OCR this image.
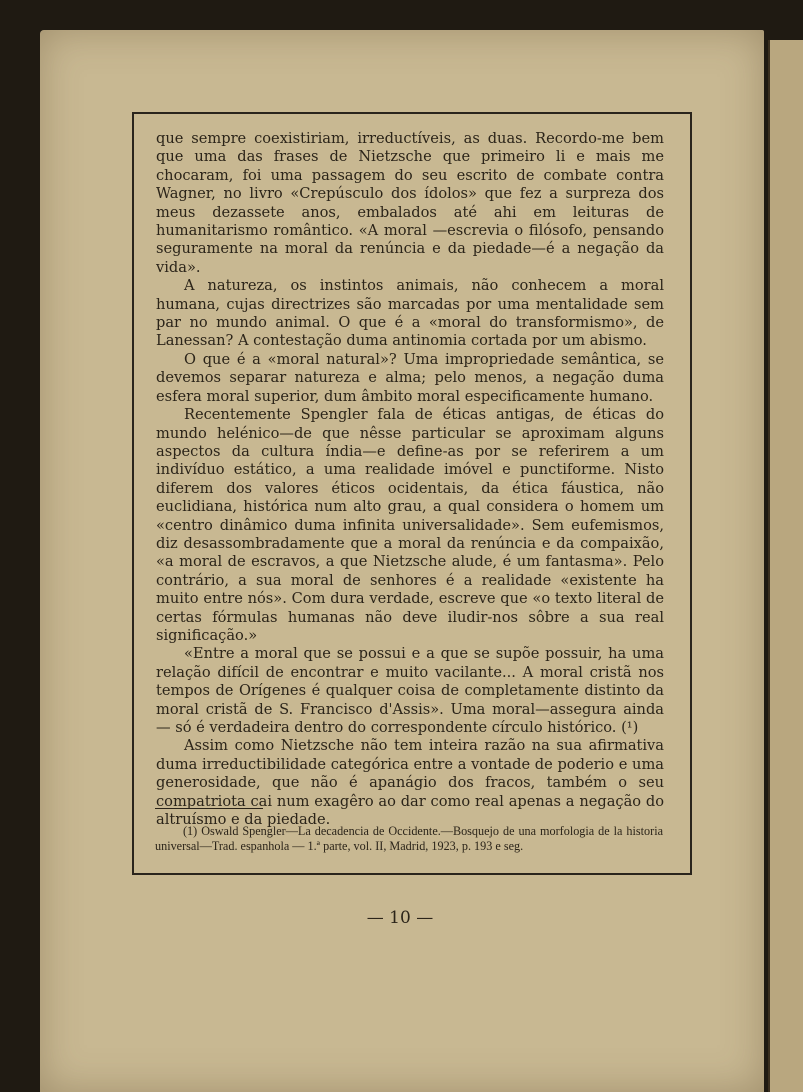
que sempre coexistiriam, irreductíveis, as duas. Recordo-me bem que uma das frases de Nietzsche que primeiro li e mais me chocaram, foi uma passagem do seu escrito de combate contra Wagner, no livro «Crepúsculo dos ídolos» que fez a surpreza dos meus dezassete anos, embalados até ahi em leituras de humanitarismo romântico. «A moral —escrevia o filósofo, pensando seguramente na moral da renúncia e da piedade—é a negação da vida».

A natureza, os instintos animais, não conhecem a moral humana, cujas directrizes são marcadas por uma mentalidade sem par no mundo animal. O que é a «moral do transformismo», de Lanessan? A contestação duma antinomia cortada por um abismo.

O que é a «moral natural»? Uma impropriedade semântica, se devemos separar natureza e alma; pelo menos, a negação duma esfera moral superior, dum âmbito moral especificamente humano.

Recentemente Spengler fala de éticas antigas, de éticas do mundo helénico—de que nêsse particular se aproximam alguns aspectos da cultura índia—e define-as por se referirem a um indivíduo estático, a uma realidade imóvel e punctiforme. Nisto diferem dos valores éticos ocidentais, da ética fáustica, não euclidiana, histórica num alto grau, a qual considera o homem um «centro dinâmico duma infinita universalidade». Sem eufemismos, diz desassombradamente que a moral da renúncia e da compaixão, «a moral de escravos, a que Nietzsche alude, é um fantasma». Pelo contrário, a sua moral de senhores é a realidade «existente ha muito entre nós». Com dura verdade, escreve que «o texto literal de certas fórmulas humanas não deve iludir-nos sôbre a sua real significação.»

«Entre a moral que se possui e a que se supõe possuir, ha uma relação difícil de encontrar e muito vacilante... A moral cristã nos tempos de Orígenes é qualquer coisa de completamente distinto da moral cristã de S. Francisco d'Assis». Uma moral—assegura ainda — só é verdadeira dentro do correspondente círculo histórico. (¹)

Assim como Nietzsche não tem inteira razão na sua afirmativa duma irreductibilidade categórica entre a vontade de poderio e uma generosidade, que não é apanágio dos fracos, também o seu compatriota cai num exagêro ao dar como real apenas a negação do altruísmo e da piedade.

(1) Oswald Spengler—La decadencia de Occidente.—Bosquejo de una morfologia de la historia universal—Trad. espanhola — 1.ª parte, vol. II, Madrid, 1923, p. 193 e seg.
— 10 —
